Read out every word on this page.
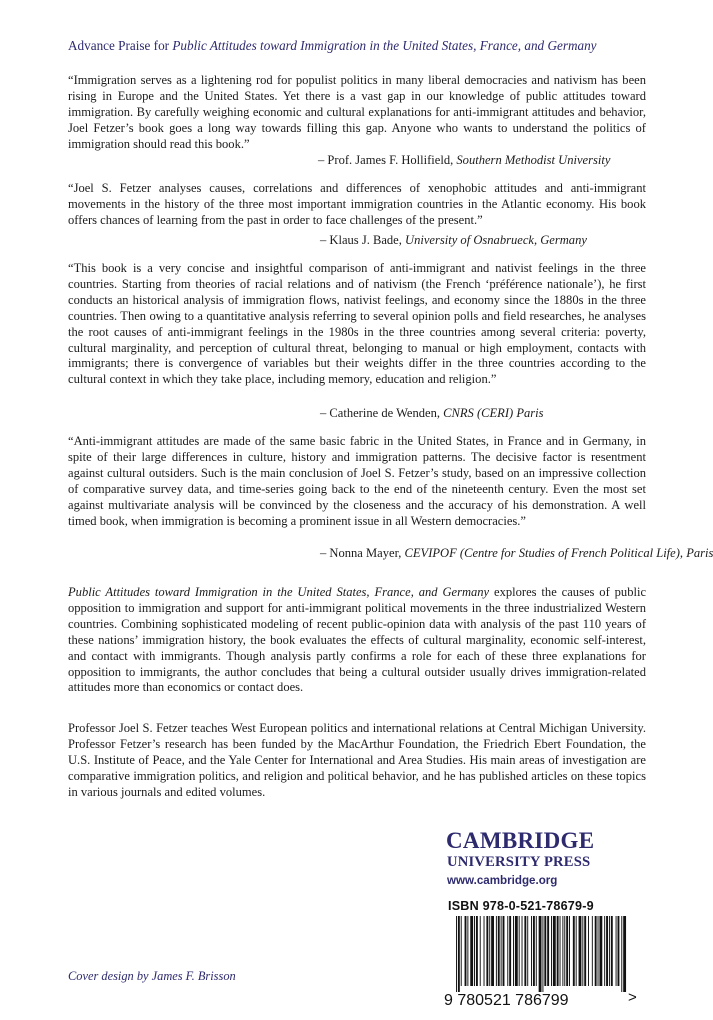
Advance Praise for Public Attitudes toward Immigration in the United States, France, and Germany
“Immigration serves as a lightening rod for populist politics in many liberal democracies and nativism has been rising in Europe and the United States. Yet there is a vast gap in our knowledge of public attitudes toward immigration. By carefully weighing economic and cultural explanations for anti-immigrant attitudes and behavior, Joel Fetzer’s book goes a long way towards filling this gap. Anyone who wants to understand the politics of immigration should read this book.”
– Prof. James F. Hollifield, Southern Methodist University
“Joel S. Fetzer analyses causes, correlations and differences of xenophobic attitudes and anti-immigrant movements in the history of the three most important immigration countries in the Atlantic economy. His book offers chances of learning from the past in order to face challenges of the present.”
– Klaus J. Bade, University of Osnabrueck, Germany
“This book is a very concise and insightful comparison of anti-immigrant and nativist feelings in the three countries. Starting from theories of racial relations and of nativism (the French ‘préférence nationale’), he first conducts an historical analysis of immigration flows, nativist feelings, and economy since the 1880s in the three countries. Then owing to a quantitative analysis referring to several opinion polls and field researches, he analyses the root causes of anti-immigrant feelings in the 1980s in the three countries among several criteria: poverty, cultural marginality, and perception of cultural threat, belonging to manual or high employment, contacts with immigrants; there is convergence of variables but their weights differ in the three countries according to the cultural context in which they take place, including memory, education and religion.”
– Catherine de Wenden, CNRS (CERI) Paris
“Anti-immigrant attitudes are made of the same basic fabric in the United States, in France and in Germany, in spite of their large differences in culture, history and immigration patterns. The decisive factor is resentment against cultural outsiders. Such is the main conclusion of Joel S. Fetzer’s study, based on an impressive collection of comparative survey data, and time-series going back to the end of the nineteenth century. Even the most set against multivariate analysis will be convinced by the closeness and the accuracy of his demonstration. A well timed book, when immigration is becoming a prominent issue in all Western democracies.”
– Nonna Mayer, CEVIPOF (Centre for Studies of French Political Life), Paris
Public Attitudes toward Immigration in the United States, France, and Germany explores the causes of public opposition to immigration and support for anti-immigrant political movements in the three industrialized Western countries. Combining sophisticated modeling of recent public-opinion data with analysis of the past 110 years of these nations’ immigration history, the book evaluates the effects of cultural marginality, economic self-interest, and contact with immigrants. Though analysis partly confirms a role for each of these three explanations for opposition to immigrants, the author concludes that being a cultural outsider usually drives immigration-related attitudes more than economics or contact does.
Professor Joel S. Fetzer teaches West European politics and international relations at Central Michigan University. Professor Fetzer’s research has been funded by the MacArthur Foundation, the Friedrich Ebert Foundation, the U.S. Institute of Peace, and the Yale Center for International and Area Studies. His main areas of investigation are comparative immigration politics, and religion and political behavior, and he has published articles on these topics in various journals and edited volumes.
CAMBRIDGE
UNIVERSITY PRESS
www.cambridge.org
ISBN 978-0-521-78679-9
9 780521 786799	>
Cover design by James F. Brisson
